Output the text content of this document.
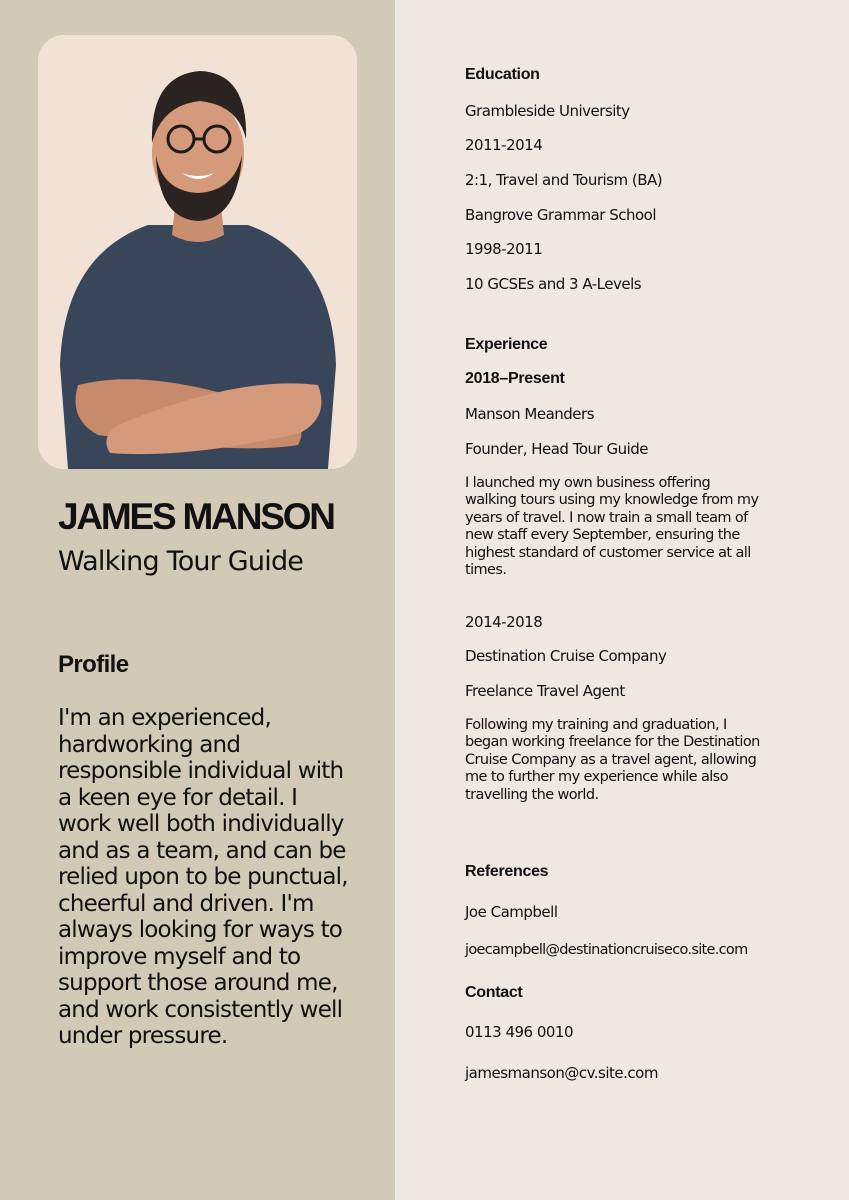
JAMES MANSON
Walking Tour Guide
Profile

I'm an experienced, hardworking and responsible individual with a keen eye for detail. I work well both individually and as a team, and can be relied upon to be punctual, cheerful and driven. I'm always looking for ways to improve myself and to support those around me, and work consistently well under pressure.

Education
Grambleside University
2011-2014
2:1, Travel and Tourism (BA)
Bangrove Grammar School
1998-2011
10 GCSEs and 3 A-Levels
Experience
2018–Present
Manson Meanders
Founder, Head Tour Guide

I launched my own business offering walking tours using my knowledge from my years of travel. I now train a small team of new staff every September, ensuring the highest standard of customer service at all times.

2014-2018
Destination Cruise Company
Freelance Travel Agent

Following my training and graduation, I began working freelance for the Destination Cruise Company as a travel agent, allowing me to further my experience while also travelling the world.

References
Joe Campbell
joecampbell@destinationcruiseco.site.com
Contact
0113 496 0010
jamesmanson@cv.site.com
